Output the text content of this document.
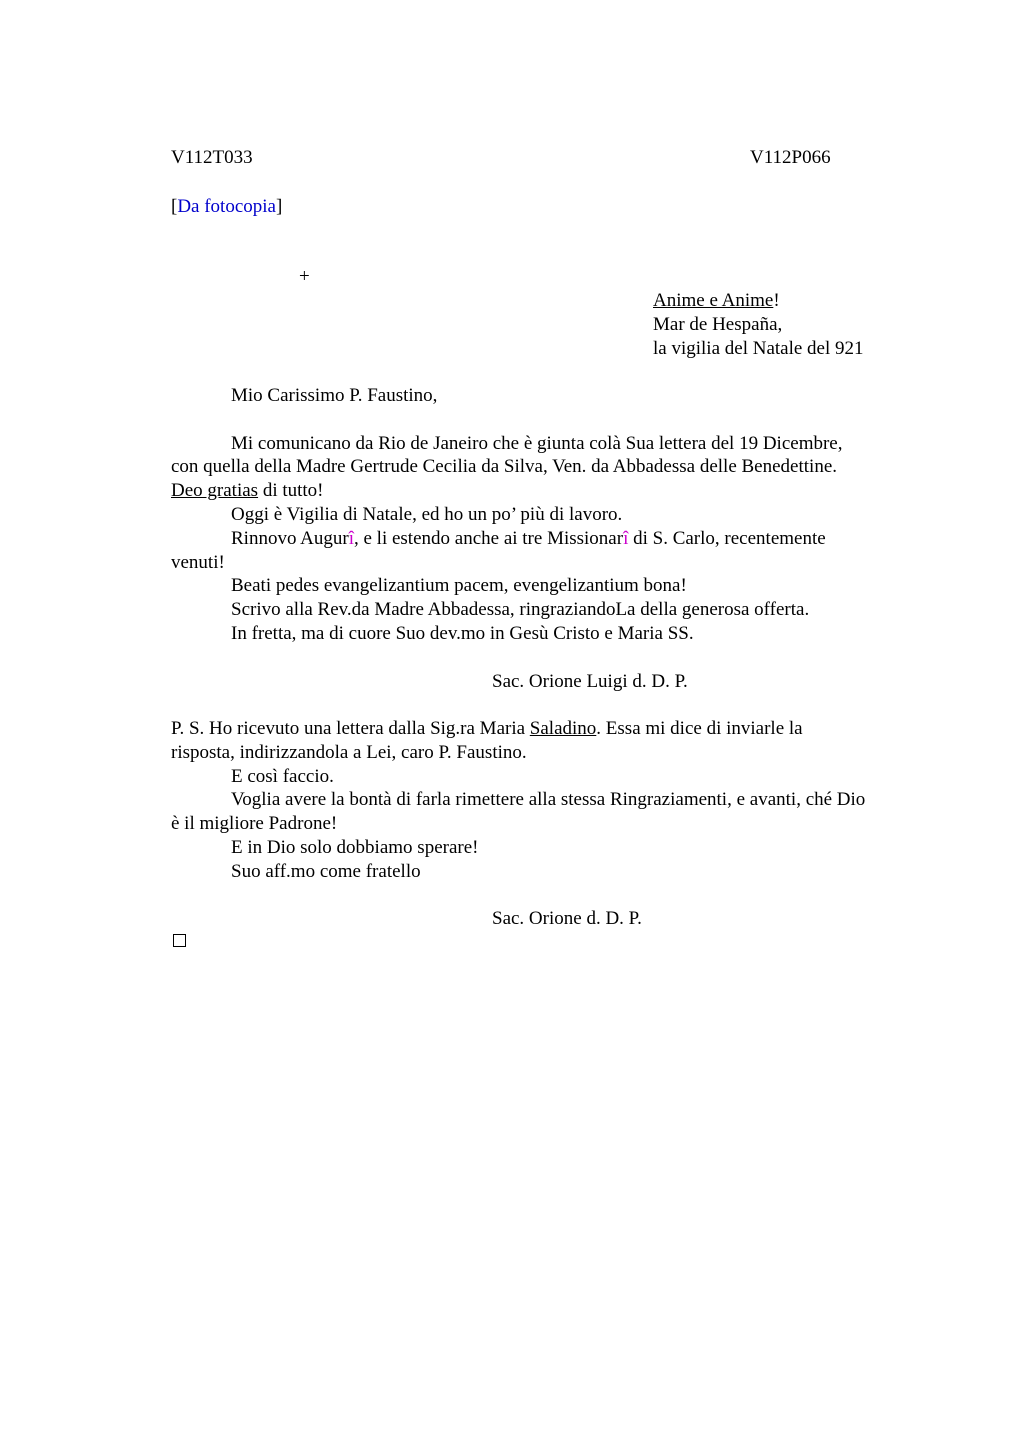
V112T033	V112P066
[Da fotocopia]
+
Anime e Anime!
Mar de Hespaña,
la vigilia del Natale del 921
Mio Carissimo P. Faustino,
Mi comunicano da Rio de Janeiro che è giunta colà Sua lettera del 19 Dicembre,
con quella della Madre Gertrude Cecilia da Silva, Ven. da Abbadessa delle Benedettine.
Deo gratias di tutto!
Oggi è Vigilia di Natale, ed ho un po’ più di lavoro.
Rinnovo Augurî, e li estendo anche ai tre Missionarî di S. Carlo, recentemente
venuti!
Beati pedes evangelizantium pacem, evengelizantium bona!
Scrivo alla Rev.da Madre Abbadessa, ringraziandoLa della generosa offerta.
In fretta, ma di cuore Suo dev.mo in Gesù Cristo e Maria SS.
Sac. Orione Luigi d. D. P.
P. S. Ho ricevuto una lettera dalla Sig.ra Maria Saladino. Essa mi dice di inviarle la
risposta, indirizzandola a Lei, caro P. Faustino.
E così faccio.
Voglia avere la bontà di farla rimettere alla stessa Ringraziamenti, e avanti, ché Dio
è il migliore Padrone!
E in Dio solo dobbiamo sperare!
Suo aff.mo come fratello
Sac. Orione d. D. P.
